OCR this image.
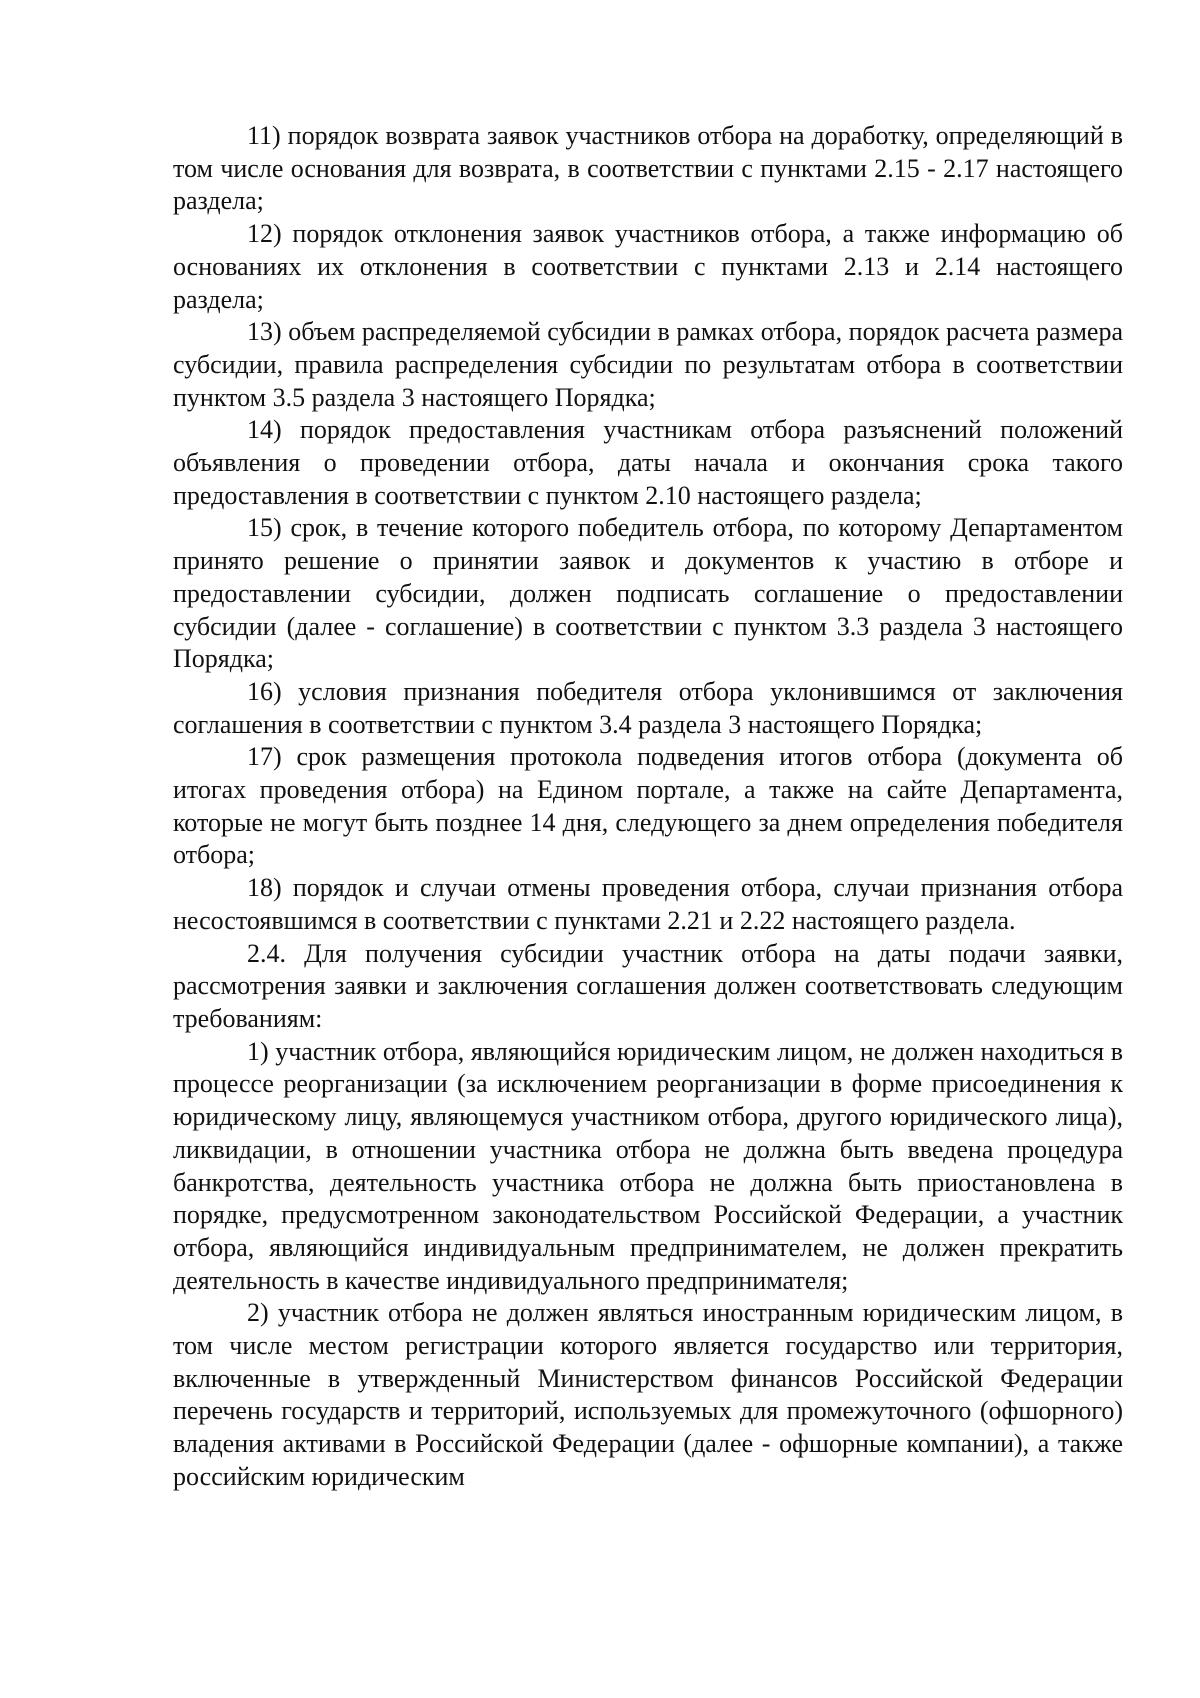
11) порядок возврата заявок участников отбора на доработку, определяющий в том числе основания для возврата, в соответствии с пунктами 2.15 - 2.17 настоящего раздела;

12) порядок отклонения заявок участников отбора, а также информацию об основаниях их отклонения в соответствии с пунктами 2.13 и 2.14 настоящего раздела;

13) объем распределяемой субсидии в рамках отбора, порядок расчета размера субсидии, правила распределения субсидии по результатам отбора в соответствии пунктом 3.5 раздела 3 настоящего Порядка;

14) порядок предоставления участникам отбора разъяснений положений объявления о проведении отбора, даты начала и окончания срока такого предоставления в соответствии с пунктом 2.10 настоящего раздела;

15) срок, в течение которого победитель отбора, по которому Департаментом принято решение о принятии заявок и документов к участию в отборе и предоставлении субсидии, должен подписать соглашение о предоставлении субсидии (далее - соглашение) в соответствии с пунктом 3.3 раздела 3 настоящего Порядка;

16) условия признания победителя отбора уклонившимся от заключения соглашения в соответствии с пунктом 3.4 раздела 3 настоящего Порядка;

17) срок размещения протокола подведения итогов отбора (документа об итогах проведения отбора) на Едином портале, а также на сайте Департамента, которые не могут быть позднее 14 дня, следующего за днем определения победителя отбора;

18) порядок и случаи отмены проведения отбора, случаи признания отбора несостоявшимся в соответствии с пунктами 2.21 и 2.22 настоящего раздела.

2.4. Для получения субсидии участник отбора на даты подачи заявки, рассмотрения заявки и заключения соглашения должен соответствовать следующим требованиям:

1) участник отбора, являющийся юридическим лицом, не должен находиться в процессе реорганизации (за исключением реорганизации в форме присоединения к юридическому лицу, являющемуся участником отбора, другого юридического лица), ликвидации, в отношении участника отбора не должна быть введена процедура банкротства, деятельность участника отбора не должна быть приостановлена в порядке, предусмотренном законодательством Российской Федерации, а участник отбора, являющийся индивидуальным предпринимателем, не должен прекратить деятельность в качестве индивидуального предпринимателя;

2) участник отбора не должен являться иностранным юридическим лицом, в том числе местом регистрации которого является государство или территория, включенные в утвержденный Министерством финансов Российской Федерации перечень государств и территорий, используемых для промежуточного (офшорного) владения активами в Российской Федерации (далее - офшорные компании), а также российским юридическим
